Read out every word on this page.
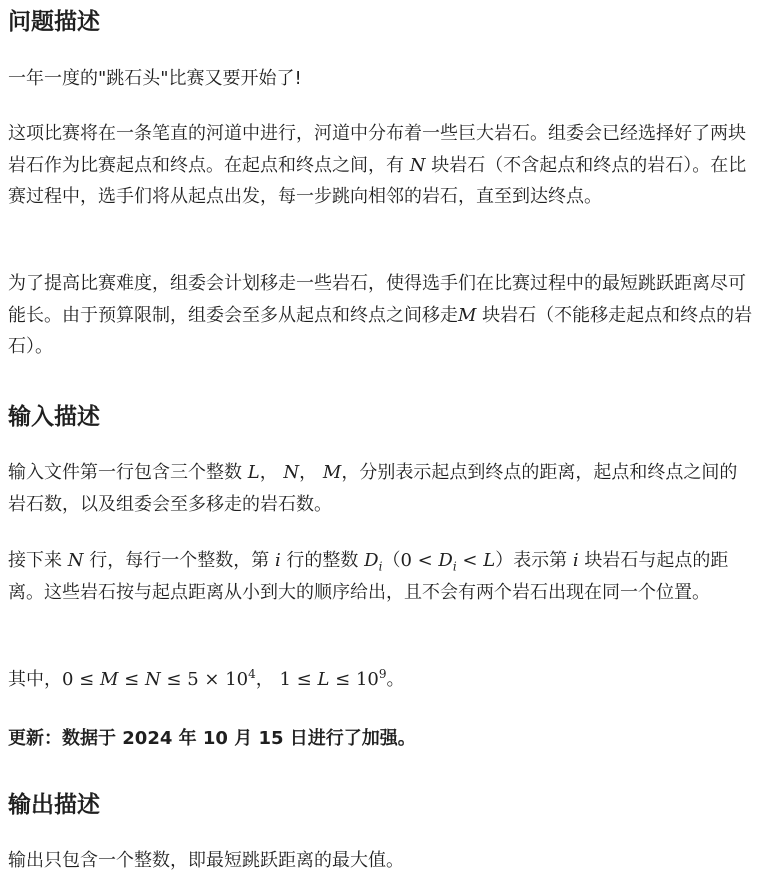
问题描述

一年一度的"跳石头"比赛又要开始了!

这项比赛将在一条笔直的河道中进行，河道中分布着一些巨大岩石。组委会已经选择好了两块岩石作为比赛起点和终点。在起点和终点之间，有 N 块岩石（不含起点和终点的岩石）。在比赛过程中，选手们将从起点出发，每一步跳向相邻的岩石，直至到达终点。

为了提高比赛难度，组委会计划移走一些岩石，使得选手们在比赛过程中的最短跳跃距离尽可能长。由于预算限制，组委会至多从起点和终点之间移走M 块岩石（不能移走起点和终点的岩石）。

输入描述

输入文件第一行包含三个整数 L， N， M，分别表示起点到终点的距离，起点和终点之间的岩石数，以及组委会至多移走的岩石数。

接下来 N 行，每行一个整数，第 i 行的整数 $D_i(0 < D_i < L)$表示第 i 块岩石与起点的距离。这些岩石按与起点距离从小到大的顺序给出，且不会有两个岩石出现在同一个位置。

其中，$0 \le M \le N \le 5 \times 10^4$， $1 \le L \le 10^9$。

更新：数据于 2024 年 10 月 15 日进行了加强。

输出描述

输出只包含一个整数，即最短跳跃距离的最大值。
